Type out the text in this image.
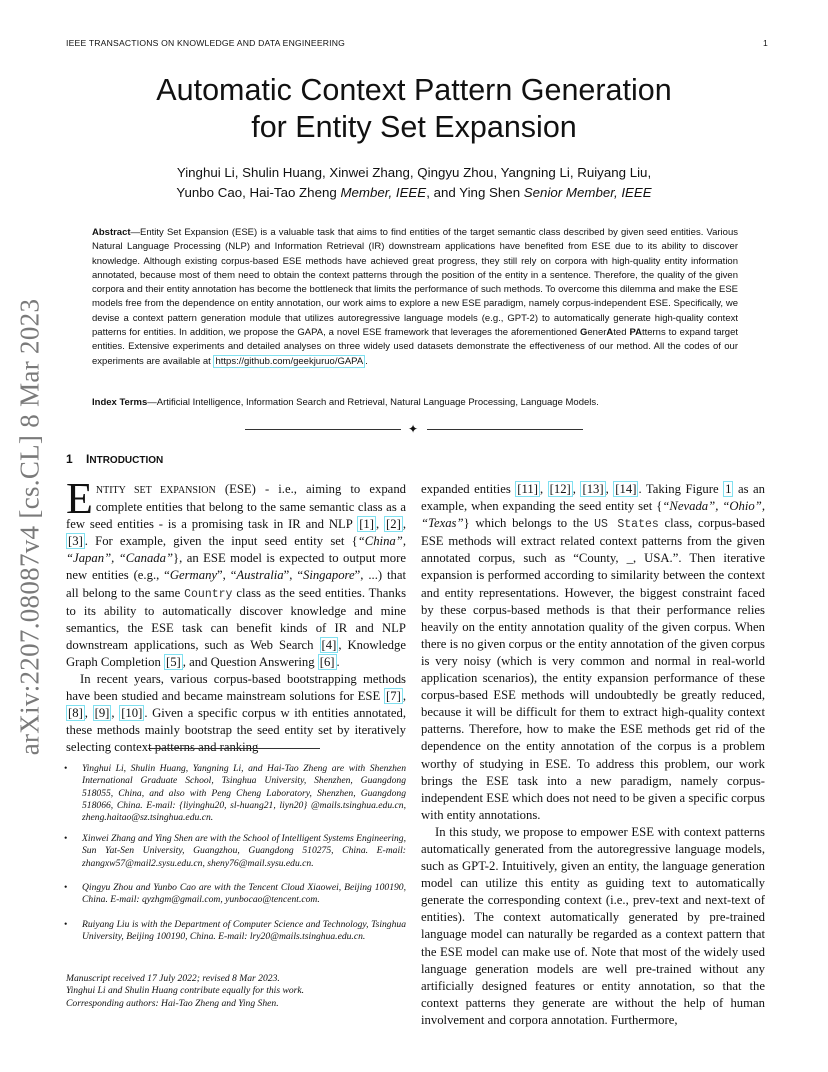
IEEE TRANSACTIONS ON KNOWLEDGE AND DATA ENGINEERING	1
arXiv:2207.08087v4 [cs.CL] 8 Mar 2023
Automatic Context Pattern Generation
for Entity Set Expansion
Yinghui Li, Shulin Huang, Xinwei Zhang, Qingyu Zhou, Yangning Li, Ruiyang Liu,
Yunbo Cao, Hai-Tao Zheng Member, IEEE, and Ying Shen Senior Member, IEEE
Abstract—Entity Set Expansion (ESE) is a valuable task that aims to find entities of the target semantic class described by given seed entities. Various Natural Language Processing (NLP) and Information Retrieval (IR) downstream applications have benefited from ESE due to its ability to discover knowledge. Although existing corpus-based ESE methods have achieved great progress, they still rely on corpora with high-quality entity information annotated, because most of them need to obtain the context patterns through the position of the entity in a sentence. Therefore, the quality of the given corpora and their entity annotation has become the bottleneck that limits the performance of such methods. To overcome this dilemma and make the ESE models free from the dependence on entity annotation, our work aims to explore a new ESE paradigm, namely corpus-independent ESE. Specifically, we devise a context pattern generation module that utilizes autoregressive language models (e.g., GPT-2) to automatically generate high-quality context patterns for entities. In addition, we propose the GAPA, a novel ESE framework that leverages the aforementioned GenerAted PAtterns to expand target entities. Extensive experiments and detailed analyses on three widely used datasets demonstrate the effectiveness of our method. All the codes of our experiments are available at https://github.com/geekjuruo/GAPA .
Index Terms—Artificial Intelligence, Information Search and Retrieval, Natural Language Processing, Language Models.
✦
1 INTRODUCTION

ENTITY SET EXPANSION (ESE) - i.e., aiming to expand complete entities that belong to the same semantic class as a few seed entities - is a promising task in IR and NLP [1] , [2] , [3] . For example, given the input seed entity set {“China”, “Japan”, “Canada”}, an ESE model is expected to output more new entities (e.g., “Germany”, “Australia”, “Singapore”, ...) that all belong to the same Country class as the seed entities. Thanks to its ability to automatically discover knowledge and mine semantics, the ESE task can benefit kinds of IR and NLP downstream applications, such as Web Search [4] , Knowledge Graph Completion [5] , and Question Answering [6] .

In recent years, various corpus-based bootstrapping methods have been studied and became mainstream solutions for ESE [7] , [8] , [9] , [10] . Given a specific corpus w ith entities annotated, these methods mainly bootstrap the seed entity set by iteratively selecting context patterns and ranking

• Yinghui Li, Shulin Huang, Yangning Li, and Hai-Tao Zheng are with Shenzhen International Graduate School, Tsinghua University, Shenzhen, Guangdong 518055, China, and also with Peng Cheng Laboratory, Shenzhen, Guangdong 518066, China. E-mail: {liyinghu20, sl-huang21, liyn20} @mails.tsinghua.edu.cn, zheng.haitao@sz.tsinghua.edu.cn.
• Xinwei Zhang and Ying Shen are with the School of Intelligent Systems Engineering, Sun Yat-Sen University, Guangzhou, Guangdong 510275, China. E-mail: zhangxw57@mail2.sysu.edu.cn, sheny76@mail.sysu.edu.cn.
• Qingyu Zhou and Yunbo Cao are with the Tencent Cloud Xiaowei, Beijing 100190, China. E-mail: qyzhgm@gmail.com, yunbocao@tencent.com.
• Ruiyang Liu is with the Department of Computer Science and Technology, Tsinghua University, Beijing 100190, China. E-mail: lry20@mails.tsinghua.edu.cn.
Manuscript received 17 July 2022; revised 8 Mar 2023.
Yinghui Li and Shulin Huang contribute equally for this work.
Corresponding authors: Hai-Tao Zheng and Ying Shen.

expanded entities [11] , [12] , [13] , [14] . Taking Figure 1 as an example, when expanding the seed entity set {“Nevada”, “Ohio”, “Texas”} which belongs to the US States class, corpus-based ESE methods will extract related context patterns from the given annotated corpus, such as “County, _, USA.”. Then iterative expansion is performed according to similarity between the context and entity representations. However, the biggest constraint faced by these corpus-based methods is that their performance relies heavily on the entity annotation quality of the given corpus. When there is no given corpus or the entity annotation of the given corpus is very noisy (which is very common and normal in real-world application scenarios), the entity expansion performance of these corpus-based ESE methods will undoubtedly be greatly reduced, because it will be difficult for them to extract high-quality context patterns. Therefore, how to make the ESE methods get rid of the dependence on the entity annotation of the corpus is a problem worthy of studying in ESE. To address this problem, our work brings the ESE task into a new paradigm, namely corpus-independent ESE which does not need to be given a specific corpus with entity annotations.

In this study, we propose to empower ESE with context patterns automatically generated from the autoregressive language models, such as GPT-2. Intuitively, given an entity, the language generation model can utilize this entity as guiding text to automatically generate the corresponding context (i.e., prev-text and next-text of entities). The context automatically generated by pre-trained language model can naturally be regarded as a context pattern that the ESE model can make use of. Note that most of the widely used language generation models are well pre-trained without any artificially designed features or entity annotation, so that the context patterns they generate are without the help of human involvement and corpora annotation. Furthermore,
